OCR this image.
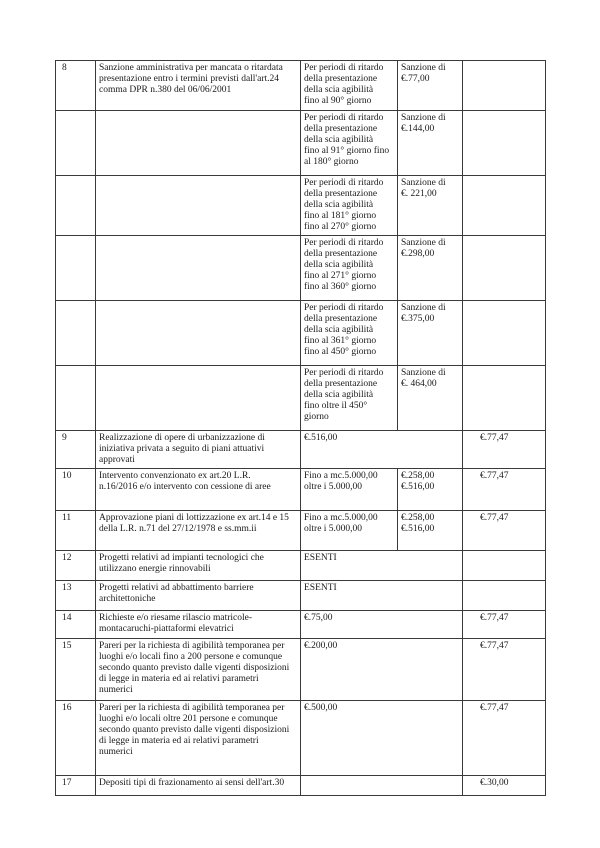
8	Sanzione amministrativa per mancata o ritardata
presentazione entro i termini previsti dall'art.24
comma DPR n.380 del 06/06/2001	Per periodi di ritardo
della presentazione
della scia agibilità
fino al 90° giorno	Sanzione di
€.77,00	
		Per periodi di ritardo
della presentazione
della scia agibilità
fino al 91° giorno fino
al 180° giorno	Sanzione di
€.144,00	
		Per periodi di ritardo
della presentazione
della scia agibilità
fino al 181° giorno
fino al 270° giorno	Sanzione di
€. 221,00	
		Per periodi di ritardo
della presentazione
della scia agibilità
fino al 271° giorno
fino al 360° giorno	Sanzione di
€.298,00	
		Per periodi di ritardo
della presentazione
della scia agibilità
fino al 361° giorno
fino al 450° giorno	Sanzione di
€.375,00	
		Per periodi di ritardo
della presentazione
della scia agibilità
fino oltre il 450°
giorno	Sanzione di
€. 464,00	
9	Realizzazione di opere di urbanizzazione di
iniziativa privata a seguito di piani attuativi
approvati	€.516,00		€.77,47
10	Intervento convenzionato ex art.20 L.R.
n.16/2016 e/o intervento con cessione di aree	Fino a mc.5.000,00
oltre i 5.000,00	€.258,00
€.516,00	€.77,47
11	Approvazione piani di lottizzazione ex art.14 e 15
della L.R. n.71 del 27/12/1978 e ss.mm.ii	Fino a mc.5.000,00
oltre i 5.000,00	€.258,00
€.516,00	€.77,47
12	Progetti relativi ad impianti tecnologici che
utilizzano energie rinnovabili	ESENTI		
13	Progetti relativi ad abbattimento barriere
architettoniche	ESENTI		
14	Richieste e/o riesame rilascio matricole-
montacaruchi-piattaformi elevatrici	€.75,00		€.77,47
15	Pareri per la richiesta di agibilità temporanea per
luoghi e/o locali fino a 200 persone e comunque
secondo quanto previsto dalle vigenti disposizioni
di legge in materia ed ai relativi parametri
numerici	€.200,00		€.77,47
16	Pareri per la richiesta di agibilità temporanea per
luoghi e/o locali oltre 201 persone e comunque
secondo quanto previsto dalle vigenti disposizioni
di legge in materia ed ai relativi parametri
numerici	€.500,00		€.77,47
17	Depositi tipi di frazionamento ai sensi dell'art.30			€.30,00
